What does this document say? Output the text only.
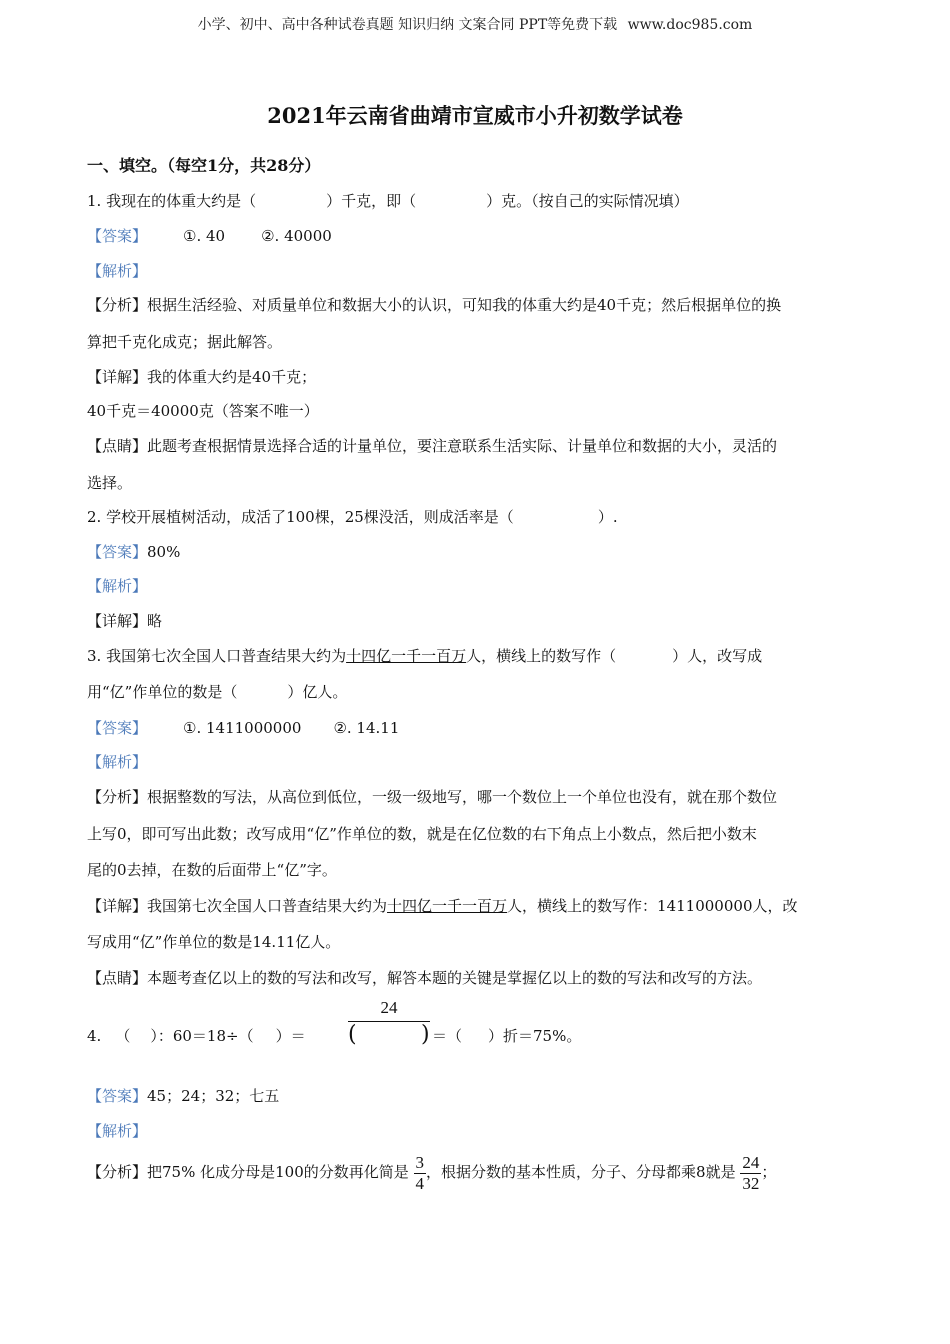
小学、初中、高中各种试卷真题 知识归纳 文案合同 PPT等免费下载 www.doc985.com
2021年云南省曲靖市宣威市小升初数学试卷
一、填空。（每空1分，共28分）
1. 我现在的体重大约是（	）千克，即（	）克。（按自己的实际情况填）
【答案】 ①. 40 ②. 40000
【解析】
【分析】根据生活经验、对质量单位和数据大小的认识，可知我的体重大约是40千克；然后根据单位的换
算把千克化成克；据此解答。
【详解】我的体重大约是40千克；
40千克＝40000克（答案不唯一）
【点睛】此题考查根据情景选择合适的计量单位，要注意联系生活实际、计量单位和数据的大小，灵活的
选择。
2. 学校开展植树活动，成活了100棵，25棵没活，则成活率是（	）.
【答案】80%
【解析】
【详解】略
3. 我国第七次全国人口普查结果大约为十四亿一千一百万人，横线上的数写作（	）人，改写成
用“亿”作单位的数是（	）亿人。
【答案】 ①. 1411000000 ②. 14.11
【解析】
【分析】根据整数的写法，从高位到低位，一级一级地写，哪一个数位上一个单位也没有，就在那个数位
上写0，即可写出此数；改写成用“亿”作单位的数，就是在亿位数的右下角点上小数点，然后把小数末
尾的0去掉，在数的后面带上“亿”字。
【详解】我国第七次全国人口普查结果大约为十四亿一千一百万人，横线上的数写作：1411000000人，改
写成用“亿”作单位的数是14.11亿人。
【点睛】本题考查亿以上的数的写法和改写，解答本题的关键是掌握亿以上的数的写法和改写的方法。
4. （ ）：60＝18÷（ ）＝
24
(	) ＝（ ）折＝75%。
【答案】45；24；32；七五
【解析】
【分析】把75% 化成分母是100的分数再化简是 $\frac{3}{4}$ ，根据分数的基本性质，分子、分母都乘8就是 $\frac{24}{32}$ ；
